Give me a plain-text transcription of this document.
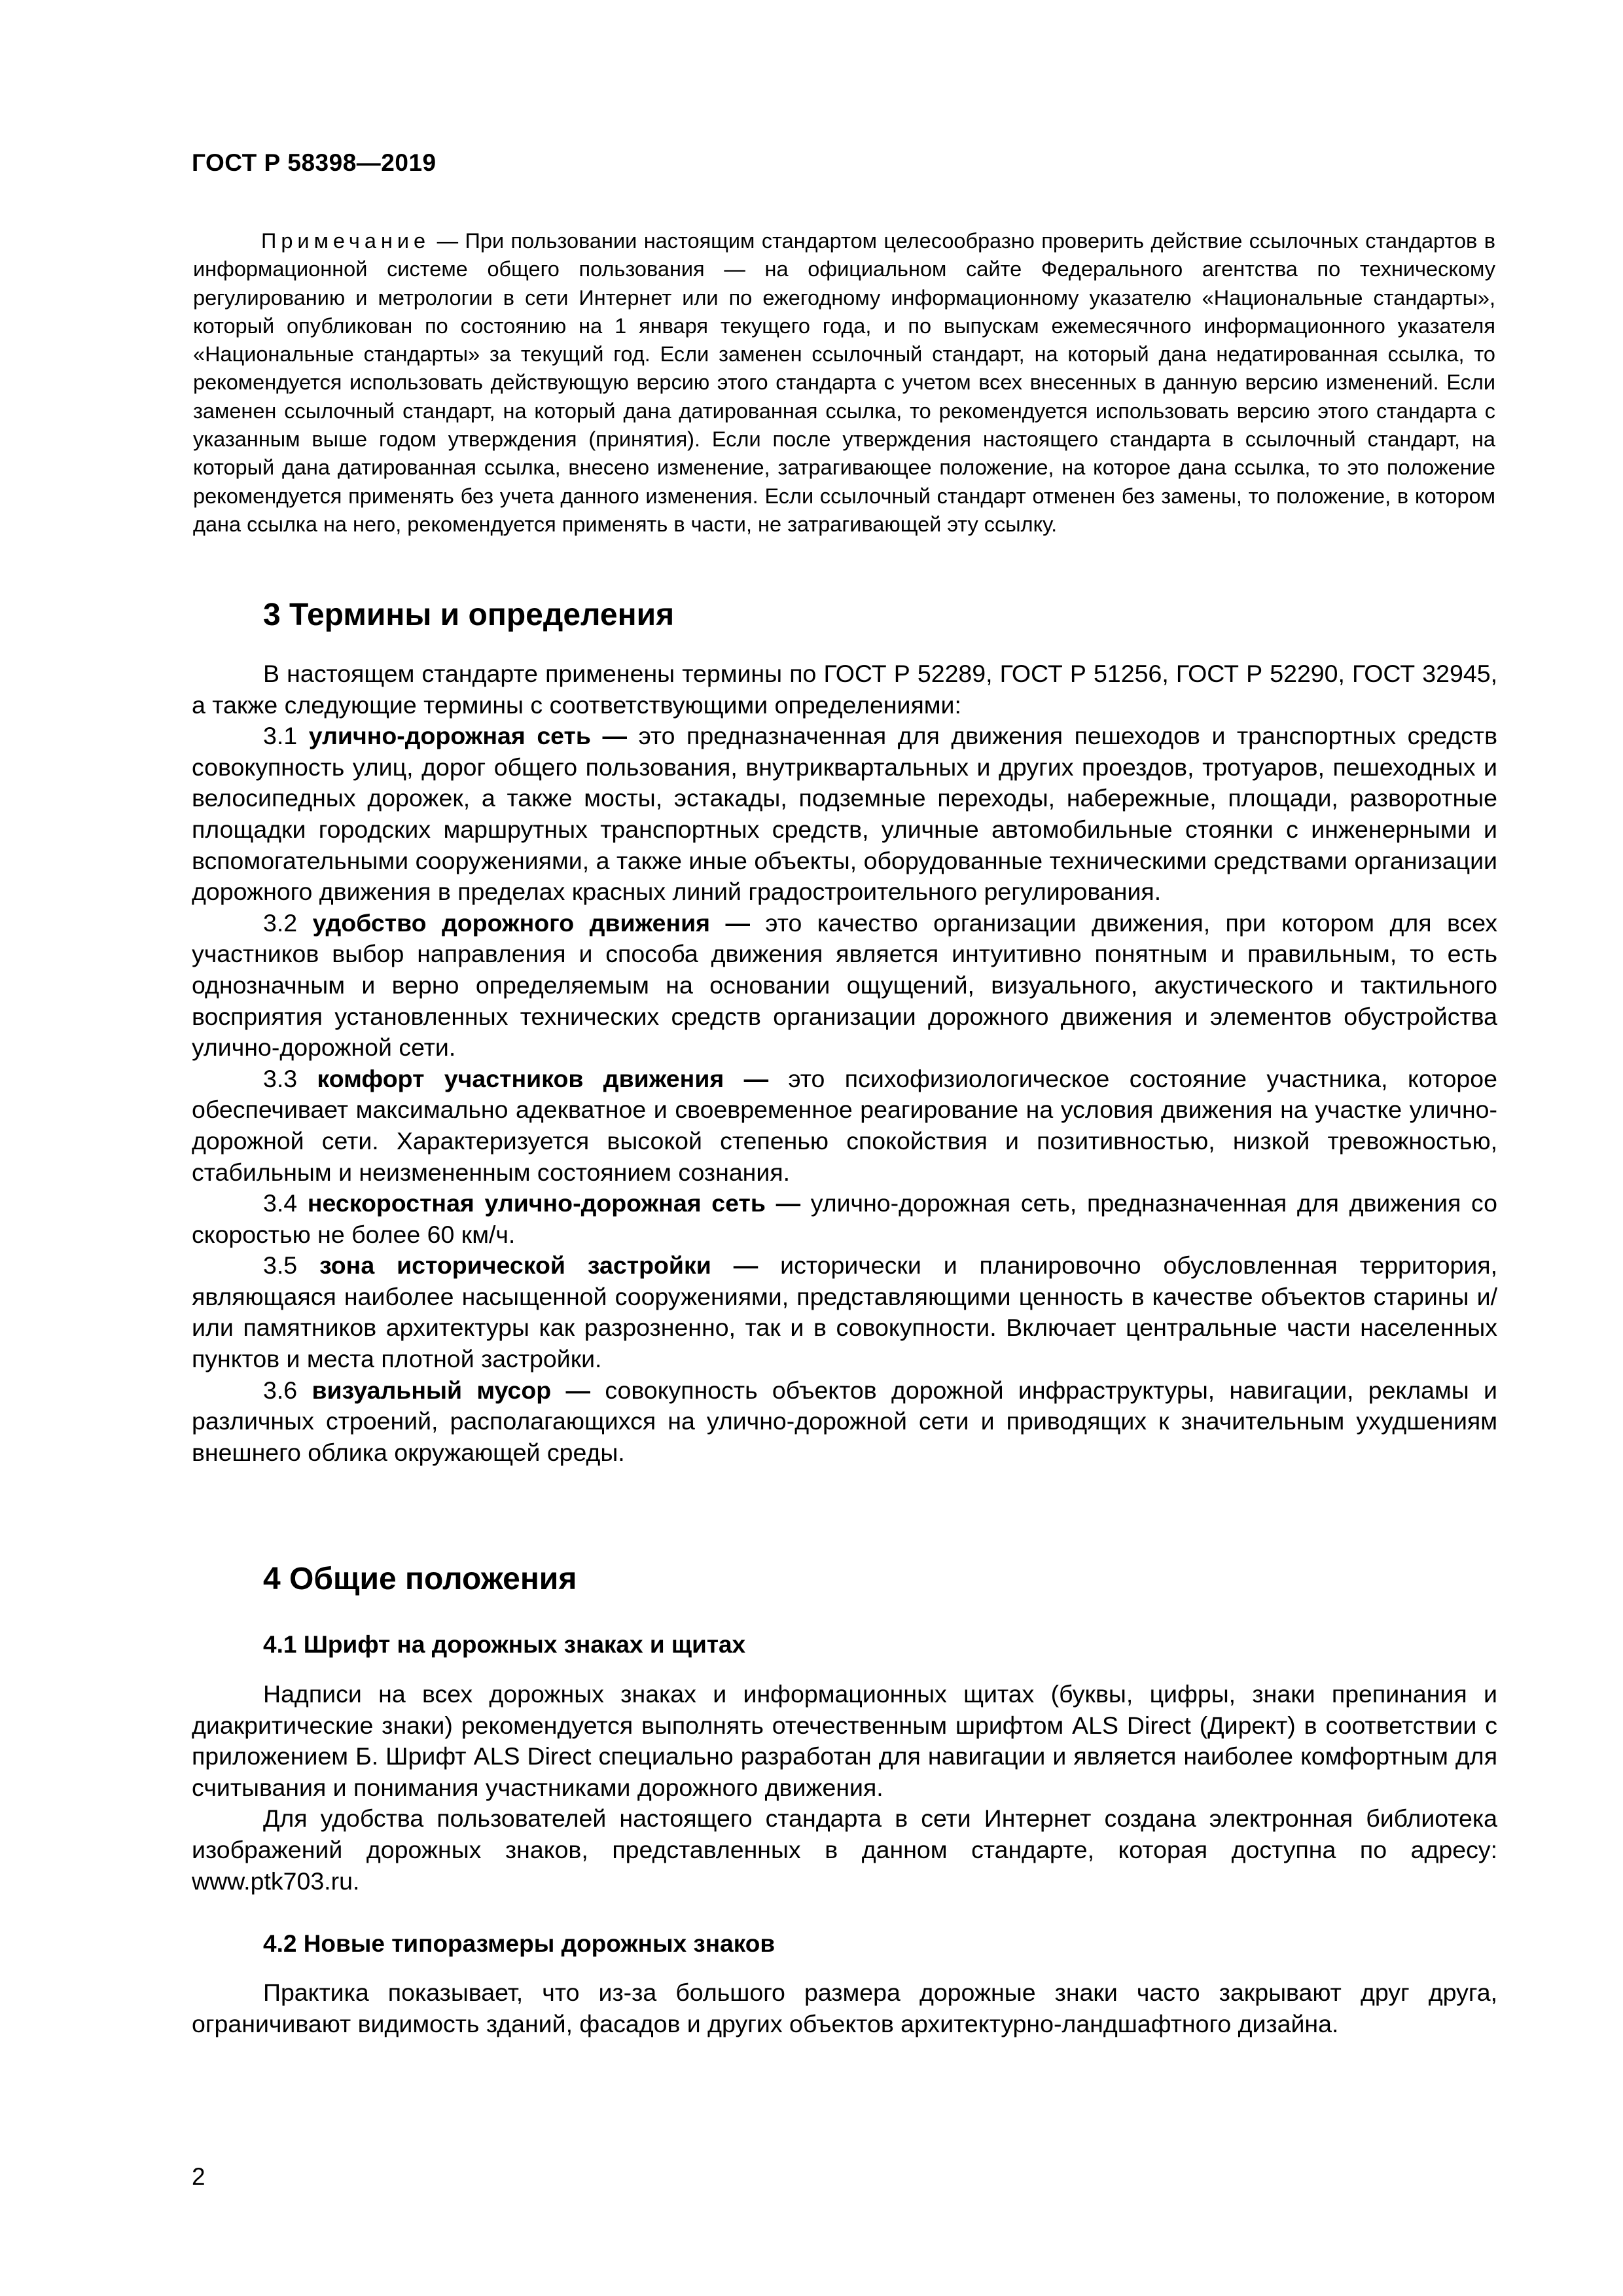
ГОСТ Р 58398—2019

Примечание — При пользовании настоящим стандартом целесообразно проверить действие ссылочных стандартов в информационной системе общего пользования — на официальном сайте Федерального агентства по техническому регулированию и метрологии в сети Интернет или по ежегодному информационному указателю «Национальные стандарты», который опубликован по состоянию на 1 января текущего года, и по выпускам ежемесячного информационного указателя «Национальные стандарты» за текущий год. Если заменен ссылочный стандарт, на который дана недатированная ссылка, то рекомендуется использовать действующую версию этого стандарта с учетом всех внесенных в данную версию изменений. Если заменен ссылочный стандарт, на который дана датированная ссылка, то рекомендуется использовать версию этого стандарта с указанным выше годом утверждения (принятия). Если после утверждения настоящего стандарта в ссылочный стандарт, на который дана датированная ссылка, внесено изменение, затрагивающее положение, на которое дана ссылка, то это положение рекомендуется применять без учета данного изменения. Если ссылочный стандарт отменен без замены, то положение, в котором дана ссылка на него, рекомендуется применять в части, не затрагивающей эту ссылку.

3 Термины и определения

В настоящем стандарте применены термины по ГОСТ Р 52289, ГОСТ Р 51256, ГОСТ Р 52290, ГОСТ 32945, а также следующие термины с соответствующими определениями:

3.1 улично-дорожная сеть — это предназначенная для движения пешеходов и транспортных средств совокупность улиц, дорог общего пользования, внутриквартальных и других проездов, тротуаров, пешеходных и велосипедных дорожек, а также мосты, эстакады, подземные переходы, набережные, площади, разворотные площадки городских маршрутных транспортных средств, уличные автомобильные стоянки с инженерными и вспомогательными сооружениями, а также иные объекты, оборудованные техническими средствами организации дорожного движения в пределах красных линий градостроительного регулирования.

3.2 удобство дорожного движения — это качество организации движения, при котором для всех участников выбор направления и способа движения является интуитивно понятным и правильным, то есть однозначным и верно определяемым на основании ощущений, визуального, акустического и тактильного восприятия установленных технических средств организации дорожного движения и элементов обустройства улично-дорожной сети.

3.3 комфорт участников движения — это психофизиологическое состояние участника, которое обеспечивает максимально адекватное и своевременное реагирование на условия движения на участке улично-дорожной сети. Характеризуется высокой степенью спокойствия и позитивностью, низкой тревожностью, стабильным и неизмененным состоянием сознания.

3.4 нескоростная улично-дорожная сеть — улично-дорожная сеть, предназначенная для движения со скоростью не более 60 км/ч.

3.5 зона исторической застройки — исторически и планировочно обусловленная территория, являющаяся наиболее насыщенной сооружениями, представляющими ценность в качестве объектов старины и/или памятников архитектуры как разрозненно, так и в совокупности. Включает центральные части населенных пунктов и места плотной застройки.

3.6 визуальный мусор — совокупность объектов дорожной инфраструктуры, навигации, рекламы и различных строений, располагающихся на улично-дорожной сети и приводящих к значительным ухудшениям внешнего облика окружающей среды.

4 Общие положения
4.1 Шрифт на дорожных знаках и щитах

Надписи на всех дорожных знаках и информационных щитах (буквы, цифры, знаки препинания и диакритические знаки) рекомендуется выполнять отечественным шрифтом ALS Direct (Директ) в соответствии с приложением Б. Шрифт ALS Direct специально разработан для навигации и является наиболее комфортным для считывания и понимания участниками дорожного движения.

Для удобства пользователей настоящего стандарта в сети Интернет создана электронная библиотека изображений дорожных знаков, представленных в данном стандарте, которая доступна по адресу: www.ptk703.ru.

4.2 Новые типоразмеры дорожных знаков

Практика показывает, что из-за большого размера дорожные знаки часто закрывают друг друга, ограничивают видимость зданий, фасадов и других объектов архитектурно-ландшафтного дизайна.

2
